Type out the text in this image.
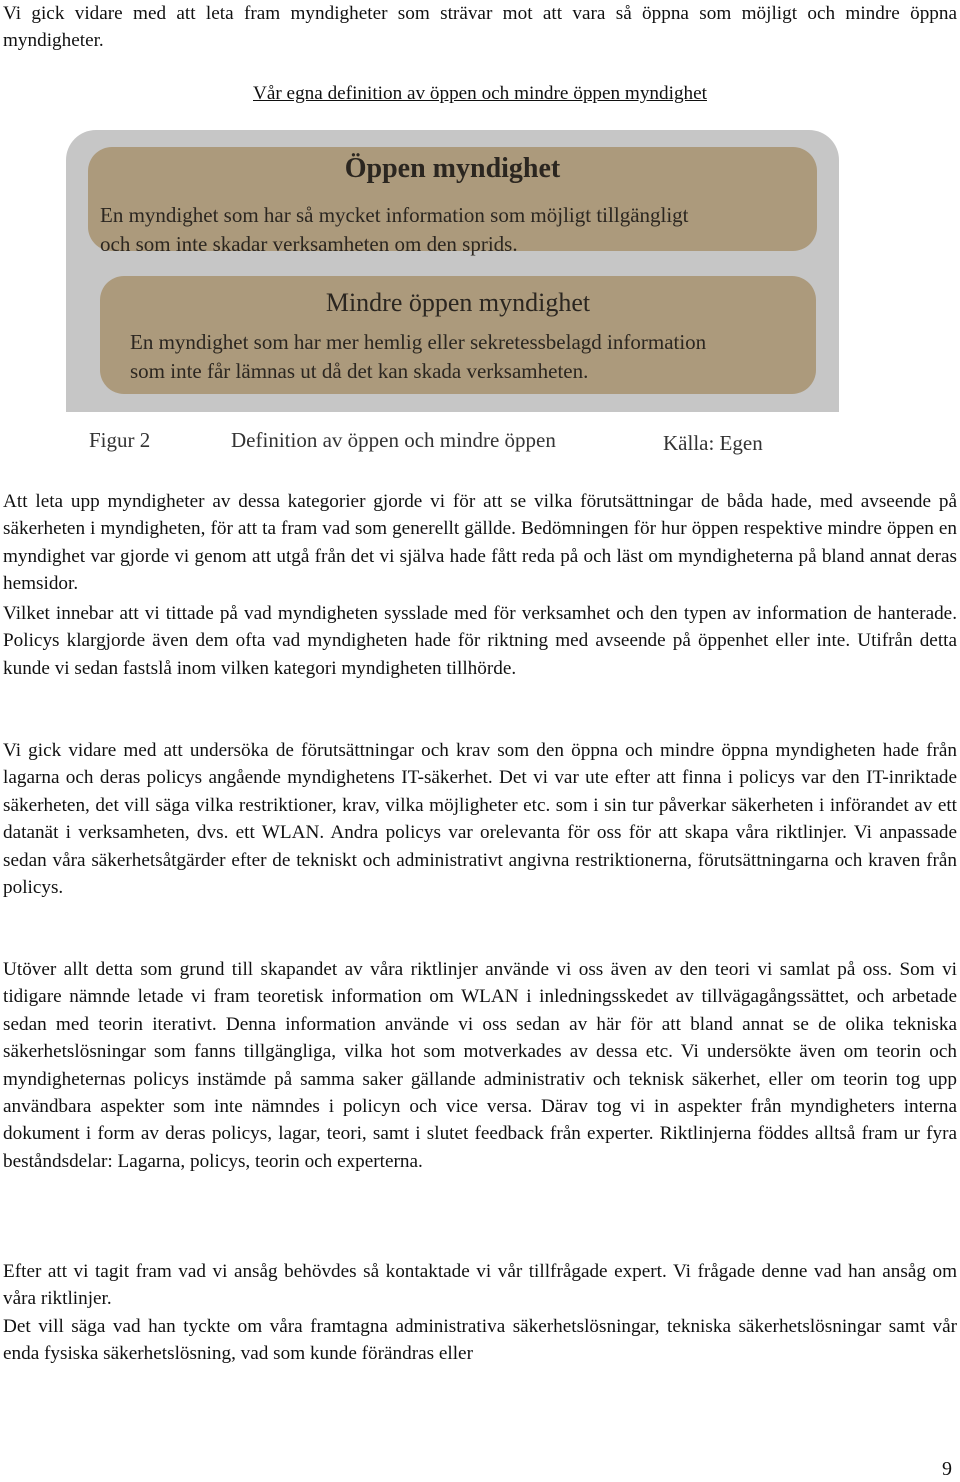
Vi gick vidare med att leta fram myndigheter som strävar mot att vara så öppna som möjligt och mindre öppna myndigheter.

Vår egna definition av öppen och mindre öppen myndighet
Öppen myndighet
En myndighet som har så mycket information som möjligt tillgängligt
och som inte skadar verksamheten om den sprids.
Mindre öppen myndighet
En myndighet som har mer hemlig eller sekretessbelagd information
som inte får lämnas ut då det kan skada verksamheten.
Figur 2	Definition av öppen och mindre öppen	Källa: Egen

Att leta upp myndigheter av dessa kategorier gjorde vi för att se vilka förutsättningar de båda hade, med avseende på säkerheten i myndigheten, för att ta fram vad som generellt gällde. Bedömningen för hur öppen respektive mindre öppen en myndighet var gjorde vi genom att utgå från det vi själva hade fått reda på och läst om myndigheterna på bland annat deras hemsidor.

Vilket innebar att vi tittade på vad myndigheten sysslade med för verksamhet och den typen av information de hanterade. Policys klargjorde även dem ofta vad myndigheten hade för riktning med avseende på öppenhet eller inte. Utifrån detta kunde vi sedan fastslå inom vilken kategori myndigheten tillhörde.

Vi gick vidare med att undersöka de förutsättningar och krav som den öppna och mindre öppna myndigheten hade från lagarna och deras policys angående myndighetens IT-säkerhet. Det vi var ute efter att finna i policys var den IT-inriktade säkerheten, det vill säga vilka restriktioner, krav, vilka möjligheter etc. som i sin tur påverkar säkerheten i införandet av ett datanät i verksamheten, dvs. ett WLAN. Andra policys var orelevanta för oss för att skapa våra riktlinjer. Vi anpassade sedan våra säkerhetsåtgärder efter de tekniskt och administrativt angivna restriktionerna, förutsättningarna och kraven från policys.

Utöver allt detta som grund till skapandet av våra riktlinjer använde vi oss även av den teori vi samlat på oss. Som vi tidigare nämnde letade vi fram teoretisk information om WLAN i inledningsskedet av tillvägagångssättet, och arbetade sedan med teorin iterativt. Denna information använde vi oss sedan av här för att bland annat se de olika tekniska säkerhetslösningar som fanns tillgängliga, vilka hot som motverkades av dessa etc. Vi undersökte även om teorin och myndigheternas policys instämde på samma saker gällande administrativ och teknisk säkerhet, eller om teorin tog upp användbara aspekter som inte nämndes i policyn och vice versa. Därav tog vi in aspekter från myndigheters interna dokument i form av deras policys, lagar, teori, samt i slutet feedback från experter. Riktlinjerna föddes alltså fram ur fyra beståndsdelar: Lagarna, policys, teorin och experterna.

Efter att vi tagit fram vad vi ansåg behövdes så kontaktade vi vår tillfrågade expert. Vi frågade denne vad han ansåg om våra riktlinjer.

Det vill säga vad han tyckte om våra framtagna administrativa säkerhetslösningar, tekniska säkerhetslösningar samt vår enda fysiska säkerhetslösning, vad som kunde förändras eller

9
